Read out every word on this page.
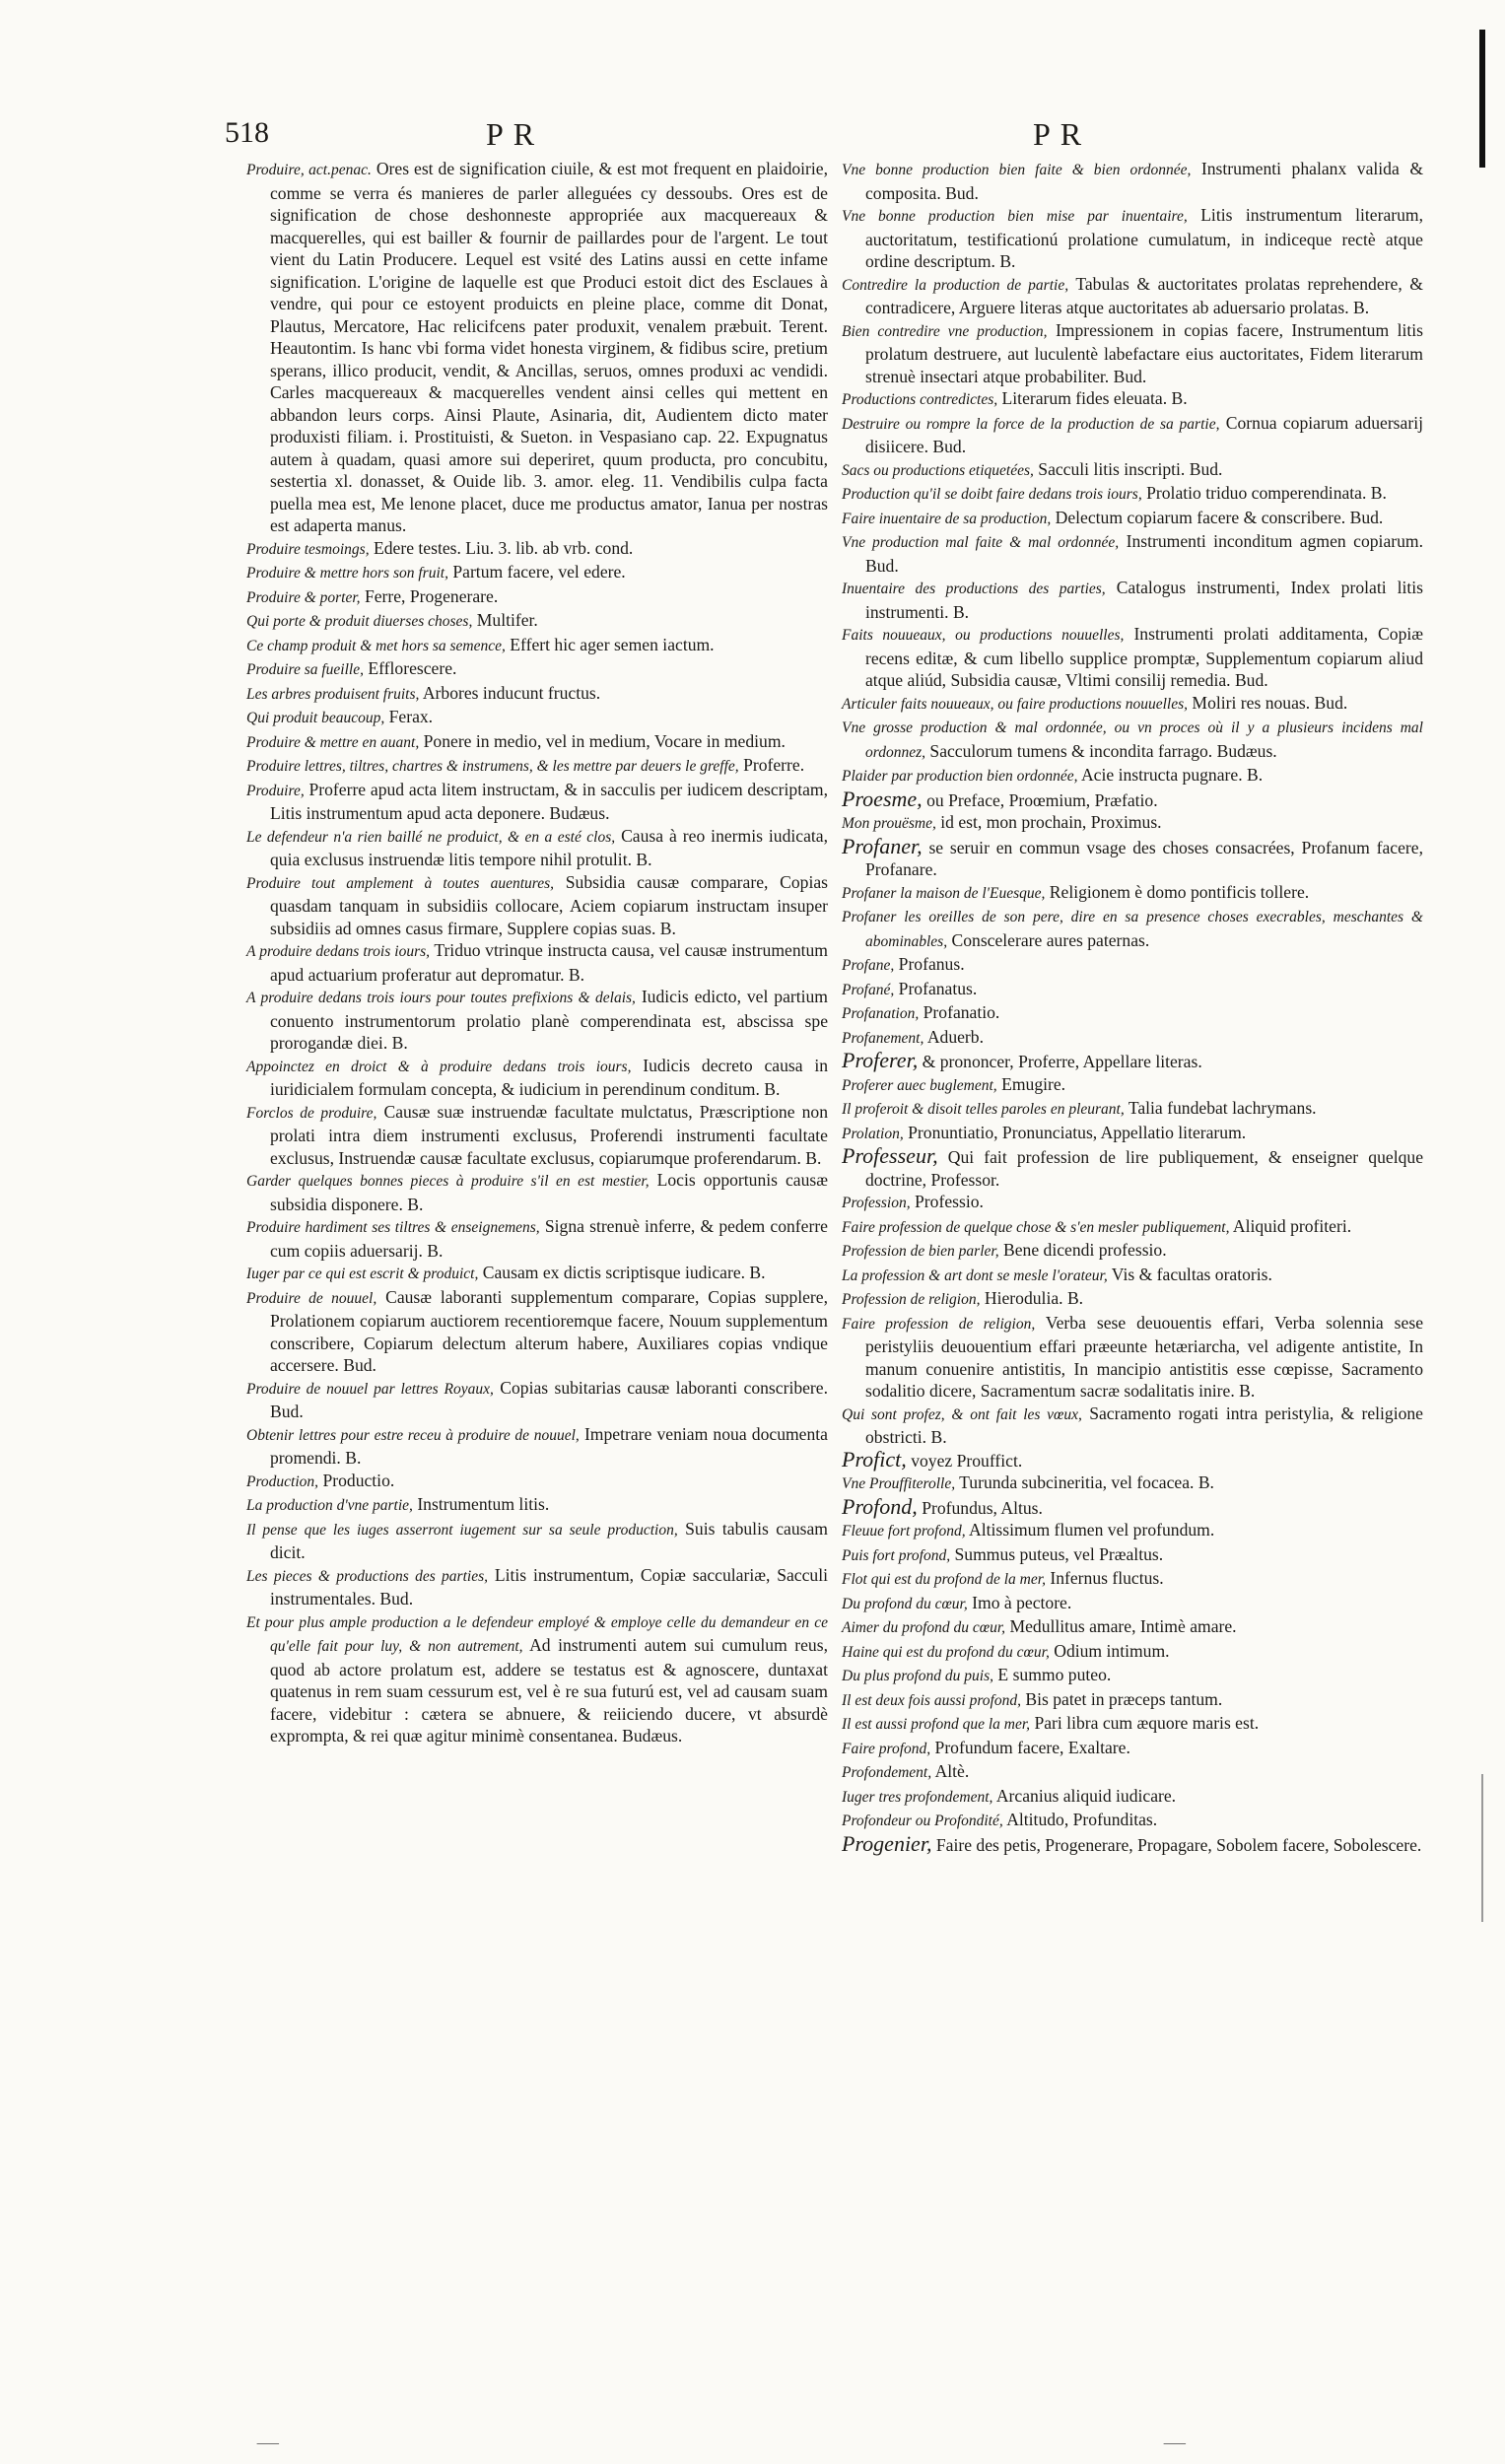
518	PR	PR

Produire, act.penac. Ores est de signification ciuile, & est mot frequent en plaidoirie, comme se verra és manieres de parler alleguées cy dessoubs. Ores est de signification de chose deshonneste appropriée aux macquereaux & macquerelles, qui est bailler & fournir de paillardes pour de l'argent. Le tout vient du Latin Producere. Lequel est vsité des Latins aussi en cette infame signification. L'origine de laquelle est que Produci estoit dict des Esclaues à vendre, qui pour ce estoyent produicts en pleine place, comme dit Donat, Plautus, Mercatore, Hac relicifcens pater produxit, venalem præbuit. Terent. Heautontim. Is hanc vbi forma videt honesta virginem, & fidibus scire, pretium sperans, illico producit, vendit, & Ancillas, seruos, omnes produxi ac vendidi. Carles macquereaux & macquerelles vendent ainsi celles qui mettent en abbandon leurs corps. Ainsi Plaute, Asinaria, dit, Audientem dicto mater produxisti filiam. i. Prostituisti, & Sueton. in Vespasiano cap. 22. Expugnatus autem à quadam, quasi amore sui deperiret, quum producta, pro concubitu, sestertia xl. donasset, & Ouide lib. 3. amor. eleg. 11. Vendibilis culpa facta puella mea est, Me lenone placet, duce me productus amator, Ianua per nostras est adaperta manus.

Produire tesmoings, Edere testes. Liu. 3. lib. ab vrb. cond.

Produire & mettre hors son fruit, Partum facere, vel edere.

Produire & porter, Ferre, Progenerare.

Qui porte & produit diuerses choses, Multifer.

Ce champ produit & met hors sa semence, Effert hic ager semen iactum.

Produire sa fueille, Efflorescere.

Les arbres produisent fruits, Arbores inducunt fructus.

Qui produit beaucoup, Ferax.

Produire & mettre en auant, Ponere in medio, vel in medium, Vocare in medium.

Produire lettres, tiltres, chartres & instrumens, & les mettre par deuers le greffe, Proferre.

Produire, Proferre apud acta litem instructam, & in sacculis per iudicem descriptam, Litis instrumentum apud acta deponere. Budæus.

Le defendeur n'a rien baillé ne produict, & en a esté clos, Causa à reo inermis iudicata, quia exclusus instruendæ litis tempore nihil protulit. B.

Produire tout amplement à toutes auentures, Subsidia causæ comparare, Copias quasdam tanquam in subsidiis collocare, Aciem copiarum instructam insuper subsidiis ad omnes casus firmare, Supplere copias suas. B.

A produire dedans trois iours, Triduo vtrinque instructa causa, vel causæ instrumentum apud actuarium proferatur aut depromatur. B.

A produire dedans trois iours pour toutes prefixions & delais, Iudicis edicto, vel partium conuento instrumentorum prolatio planè comperendinata est, abscissa spe prorogandæ diei. B.

Appoinctez en droict & à produire dedans trois iours, Iudicis decreto causa in iuridicialem formulam concepta, & iudicium in perendinum conditum. B.

Forclos de produire, Causæ suæ instruendæ facultate mulctatus, Præscriptione non prolati intra diem instrumenti exclusus, Proferendi instrumenti facultate exclusus, Instruendæ causæ facultate exclusus, copiarumque proferendarum. B.

Garder quelques bonnes pieces à produire s'il en est mestier, Locis opportunis causæ subsidia disponere. B.

Produire hardiment ses tiltres & enseignemens, Signa strenuè inferre, & pedem conferre cum copiis aduersarij. B.

Iuger par ce qui est escrit & produict, Causam ex dictis scriptisque iudicare. B.

Produire de nouuel, Causæ laboranti supplementum comparare, Copias supplere, Prolationem copiarum auctiorem recentioremque facere, Nouum supplementum conscribere, Copiarum delectum alterum habere, Auxiliares copias vndique accersere. Bud.

Produire de nouuel par lettres Royaux, Copias subitarias causæ laboranti conscribere. Bud.

Obtenir lettres pour estre receu à produire de nouuel, Impetrare veniam noua documenta promendi. B.

Production, Productio.

La production d'vne partie, Instrumentum litis.

Il pense que les iuges asserront iugement sur sa seule production, Suis tabulis causam dicit.

Les pieces & productions des parties, Litis instrumentum, Copiæ sacculariæ, Sacculi instrumentales. Bud.

Et pour plus ample production a le defendeur employé & employe celle du demandeur en ce qu'elle fait pour luy, & non autrement, Ad instrumenti autem sui cumulum reus, quod ab actore prolatum est, addere se testatus est & agnoscere, duntaxat quatenus in rem suam cessurum est, vel è re sua futurú est, vel ad causam suam facere, videbitur : cætera se abnuere, & reiiciendo ducere, vt absurdè exprompta, & rei quæ agitur minimè consentanea. Budæus.

Vne bonne production bien faite & bien ordonnée, Instrumenti phalanx valida & composita. Bud.

Vne bonne production bien mise par inuentaire, Litis instrumentum literarum, auctoritatum, testificationú prolatione cumulatum, in indiceque rectè atque ordine descriptum. B.

Contredire la production de partie, Tabulas & auctoritates prolatas reprehendere, & contradicere, Arguere literas atque auctoritates ab aduersario prolatas. B.

Bien contredire vne production, Impressionem in copias facere, Instrumentum litis prolatum destruere, aut luculentè labefactare eius auctoritates, Fidem literarum strenuè insectari atque probabiliter. Bud.

Productions contredictes, Literarum fides eleuata. B.

Destruire ou rompre la force de la production de sa partie, Cornua copiarum aduersarij disiicere. Bud.

Sacs ou productions etiquetées, Sacculi litis inscripti. Bud.

Production qu'il se doibt faire dedans trois iours, Prolatio triduo comperendinata. B.

Faire inuentaire de sa production, Delectum copiarum facere & conscribere. Bud.

Vne production mal faite & mal ordonnée, Instrumenti inconditum agmen copiarum. Bud.

Inuentaire des productions des parties, Catalogus instrumenti, Index prolati litis instrumenti. B.

Faits nouueaux, ou productions nouuelles, Instrumenti prolati additamenta, Copiæ recens editæ, & cum libello supplice promptæ, Supplementum copiarum aliud atque aliúd, Subsidia causæ, Vltimi consilij remedia. Bud.

Articuler faits nouueaux, ou faire productions nouuelles, Moliri res nouas. Bud.

Vne grosse production & mal ordonnée, ou vn proces où il y a plusieurs incidens mal ordonnez, Sacculorum tumens & incondita farrago. Budæus.

Plaider par production bien ordonnée, Acie instructa pugnare. B.

Proesme, ou Preface, Proœmium, Præfatio.

Mon prouësme, id est, mon prochain, Proximus.

Profaner, se seruir en commun vsage des choses consacrées, Profanum facere, Profanare.

Profaner la maison de l'Euesque, Religionem è domo pontificis tollere.

Profaner les oreilles de son pere, dire en sa presence choses execrables, meschantes & abominables, Conscelerare aures paternas.

Profane, Profanus.

Profané, Profanatus.

Profanation, Profanatio.

Profanement, Aduerb.

Proferer, & prononcer, Proferre, Appellare literas.

Proferer auec buglement, Emugire.

Il proferoit & disoit telles paroles en pleurant, Talia fundebat lachrymans.

Prolation, Pronuntiatio, Pronunciatus, Appellatio literarum.

Professeur, Qui fait profession de lire publiquement, & enseigner quelque doctrine, Professor.

Profession, Professio.

Faire profession de quelque chose & s'en mesler publiquement, Aliquid profiteri.

Profession de bien parler, Bene dicendi professio.

La profession & art dont se mesle l'orateur, Vis & facultas oratoris.

Profession de religion, Hierodulia. B.

Faire profession de religion, Verba sese deuouentis effari, Verba solennia sese peristyliis deuouentium effari præeunte hetæriarcha, vel adigente antistite, In manum conuenire antistitis, In mancipio antistitis esse cœpisse, Sacramento sodalitio dicere, Sacramentum sacræ sodalitatis inire. B.

Qui sont profez, & ont fait les vœux, Sacramento rogati intra peristylia, & religione obstricti. B.

Profict, voyez Prouffict.

Vne Prouffiterolle, Turunda subcineritia, vel focacea. B.

Profond, Profundus, Altus.

Fleuue fort profond, Altissimum flumen vel profundum.

Puis fort profond, Summus puteus, vel Præaltus.

Flot qui est du profond de la mer, Infernus fluctus.

Du profond du cœur, Imo à pectore.

Aimer du profond du cœur, Medullitus amare, Intimè amare.

Haine qui est du profond du cœur, Odium intimum.

Du plus profond du puis, E summo puteo.

Il est deux fois aussi profond, Bis patet in præceps tantum.

Il est aussi profond que la mer, Pari libra cum æquore maris est.

Faire profond, Profundum facere, Exaltare.

Profondement, Altè.

Iuger tres profondement, Arcanius aliquid iudicare.

Profondeur ou Profondité, Altitudo, Profunditas.

Progenier, Faire des petis, Progenerare, Propagare, Sobolem facere, Sobolescere.

⸺	⸺
